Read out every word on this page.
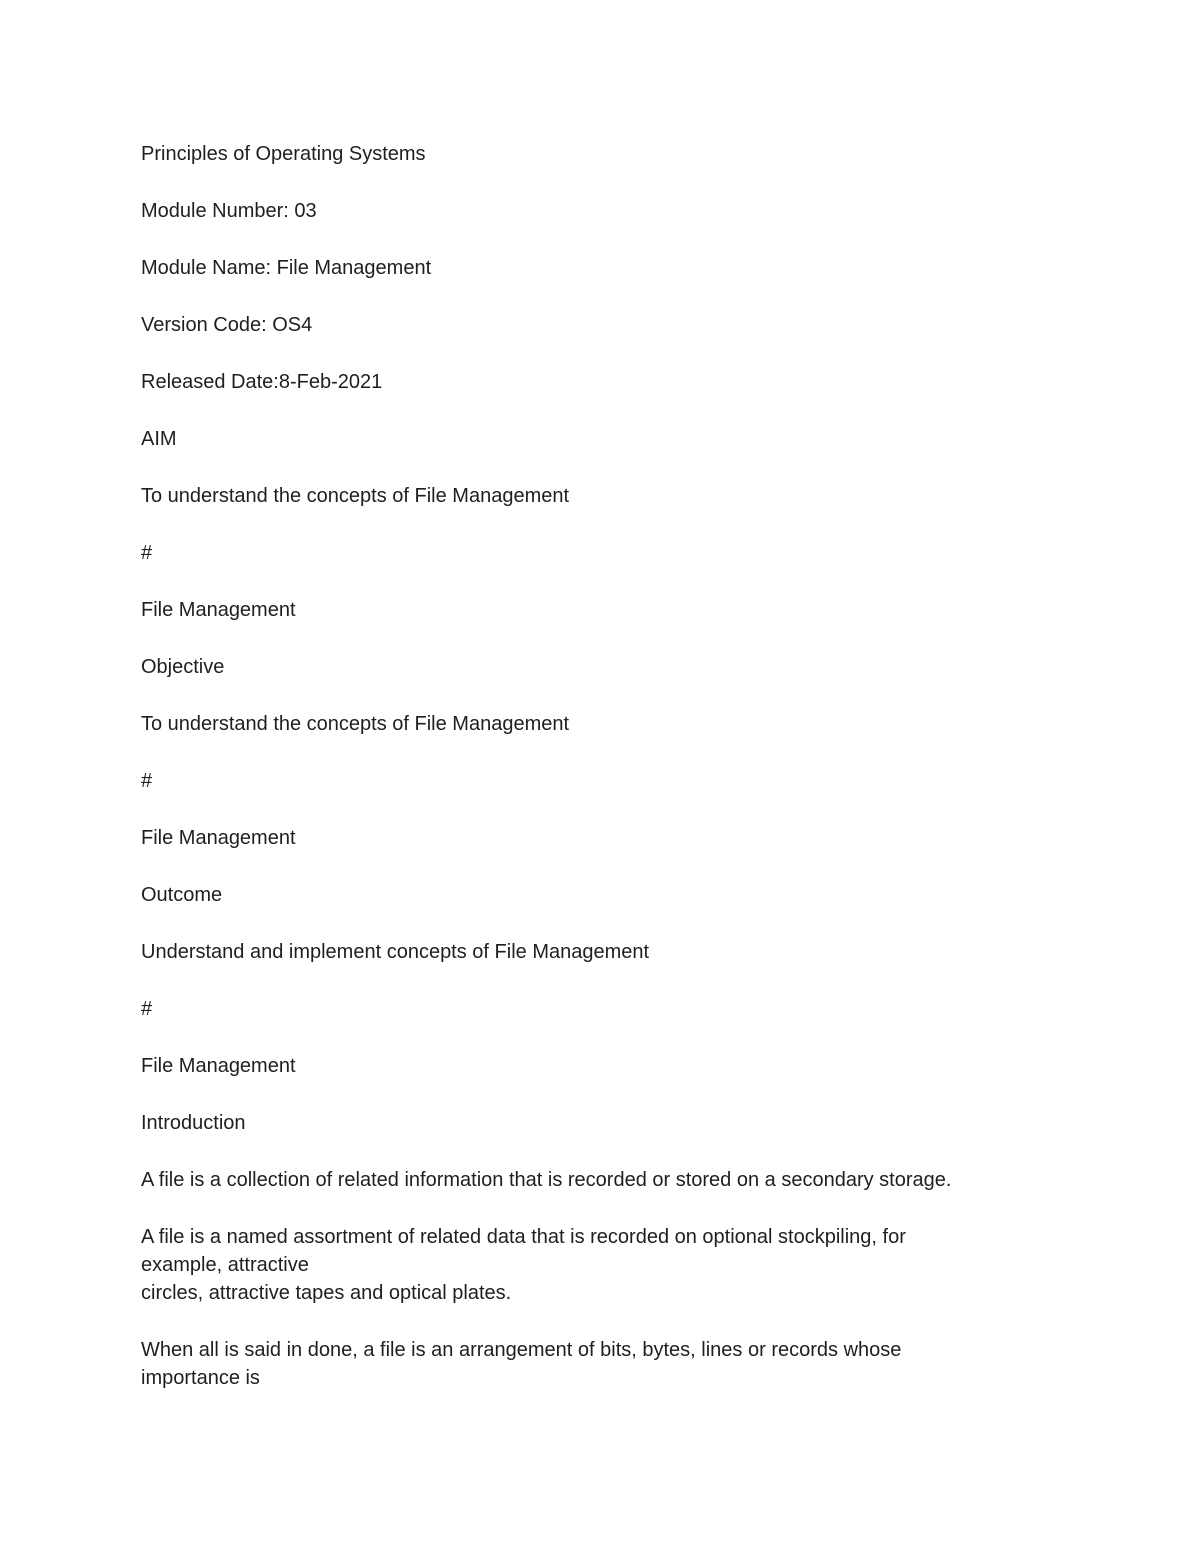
Principles of Operating Systems

Module Number: 03

Module Name: File Management

Version Code: OS4

Released Date:8-Feb-2021

AIM

To understand the concepts of File Management

#

File Management

Objective

To understand the concepts of File Management

#

File Management

Outcome

Understand and implement concepts of File Management

#

File Management

Introduction

A file is a collection of related information that is recorded or stored on a secondary storage.

A file is a named assortment of related data that is recorded on optional stockpiling, for
example, attractive
circles, attractive tapes and optical plates.

When all is said in done, a file is an arrangement of bits, bytes, lines or records whose
importance is
